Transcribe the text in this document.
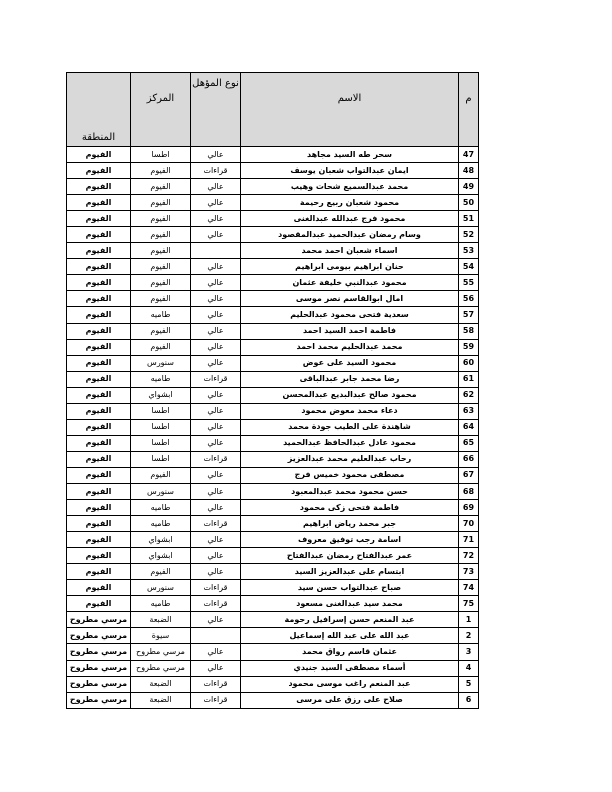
م	الاسم	نوع المؤهل	المركز	المنطقة
47	سحر طه السيد مجاهد	عالي	اطسا	الفيوم
48	ايمان عبدالتواب شعبان يوسف	قراءات	الفيوم	الفيوم
49	محمد عبدالسميع شحات وهيب	عالي	الفيوم	الفيوم
50	محمود شعبان ربيع رحيمة	عالي	الفيوم	الفيوم
51	محمود فرج عبدالله عبدالغنى	عالي	الفيوم	الفيوم
52	وسام رمضان عبدالحميد عبدالمقصود	عالي	الفيوم	الفيوم
53	اسماء شعبان احمد محمد		الفيوم	الفيوم
54	حنان ابراهيم بيومى ابراهيم	عالي	الفيوم	الفيوم
55	محمود عبدالنبي خليفة عثمان	عالي	الفيوم	الفيوم
56	امال ابوالقاسم نصر موسى	عالي	الفيوم	الفيوم
57	سعدية فتحى محمود عبدالحليم	عالي	طاميه	الفيوم
58	فاطمة احمد السيد احمد	عالي	الفيوم	الفيوم
59	محمد عبدالحليم محمد احمد	عالي	الفيوم	الفيوم
60	محمود السيد على عوض	عالي	سنورس	الفيوم
61	رضا محمد جابر عبدالباقى	قراءات	طاميه	الفيوم
62	محمود صالح عبدالبديع عبدالمحسن	عالي	ابشواي	الفيوم
63	دعاء محمد معوض محمود	عالي	اطسا	الفيوم
64	شاهندة على الطيب جودة محمد	عالي	اطسا	الفيوم
65	محمود عادل عبدالحافظ عبدالحميد	عالي	اطسا	الفيوم
66	رحاب عبدالعليم محمد عبدالعزيز	قراءات	اطسا	الفيوم
67	مصطفى محمود خميس فرج	عالي	الفيوم	الفيوم
68	حسن محمود محمد عبدالمعبود	عالي	سنورس	الفيوم
69	فاطمة فتحى زكى محمود	عالي	طاميه	الفيوم
70	جبر محمد رياض ابراهيم	قراءات	طاميه	الفيوم
71	اسامة رجب توفيق معروف	عالي	ابشواي	الفيوم
72	عمر عبدالفتاح رمضان عبدالفتاح	عالي	ابشواي	الفيوم
73	ابتسام على عبدالعزيز السيد	عالي	الفيوم	الفيوم
74	صباح عبدالتواب حسن سيد	قراءات	سنورس	الفيوم
75	محمد سيد عبدالغنى مسعود	قراءات	طاميه	الفيوم
1	عبد المنعم حسن إسرافيل رحومة	عالي	الضبعة	مرسي مطروح
2	عبد الله على عبد الله إسماعيل		سيوة	مرسي مطروح
3	عثمان قاسم رواق محمد	عالي	مرسي مطروح	مرسي مطروح
4	أسماء مصطفى السيد جنيدي	عالي	مرسي مطروح	مرسي مطروح
5	عبد المنعم راغب موسى محمود	قراءات	الضبعة	مرسي مطروح
6	صلاح على رزق على مرسى	قراءات	الضبعة	مرسي مطروح
